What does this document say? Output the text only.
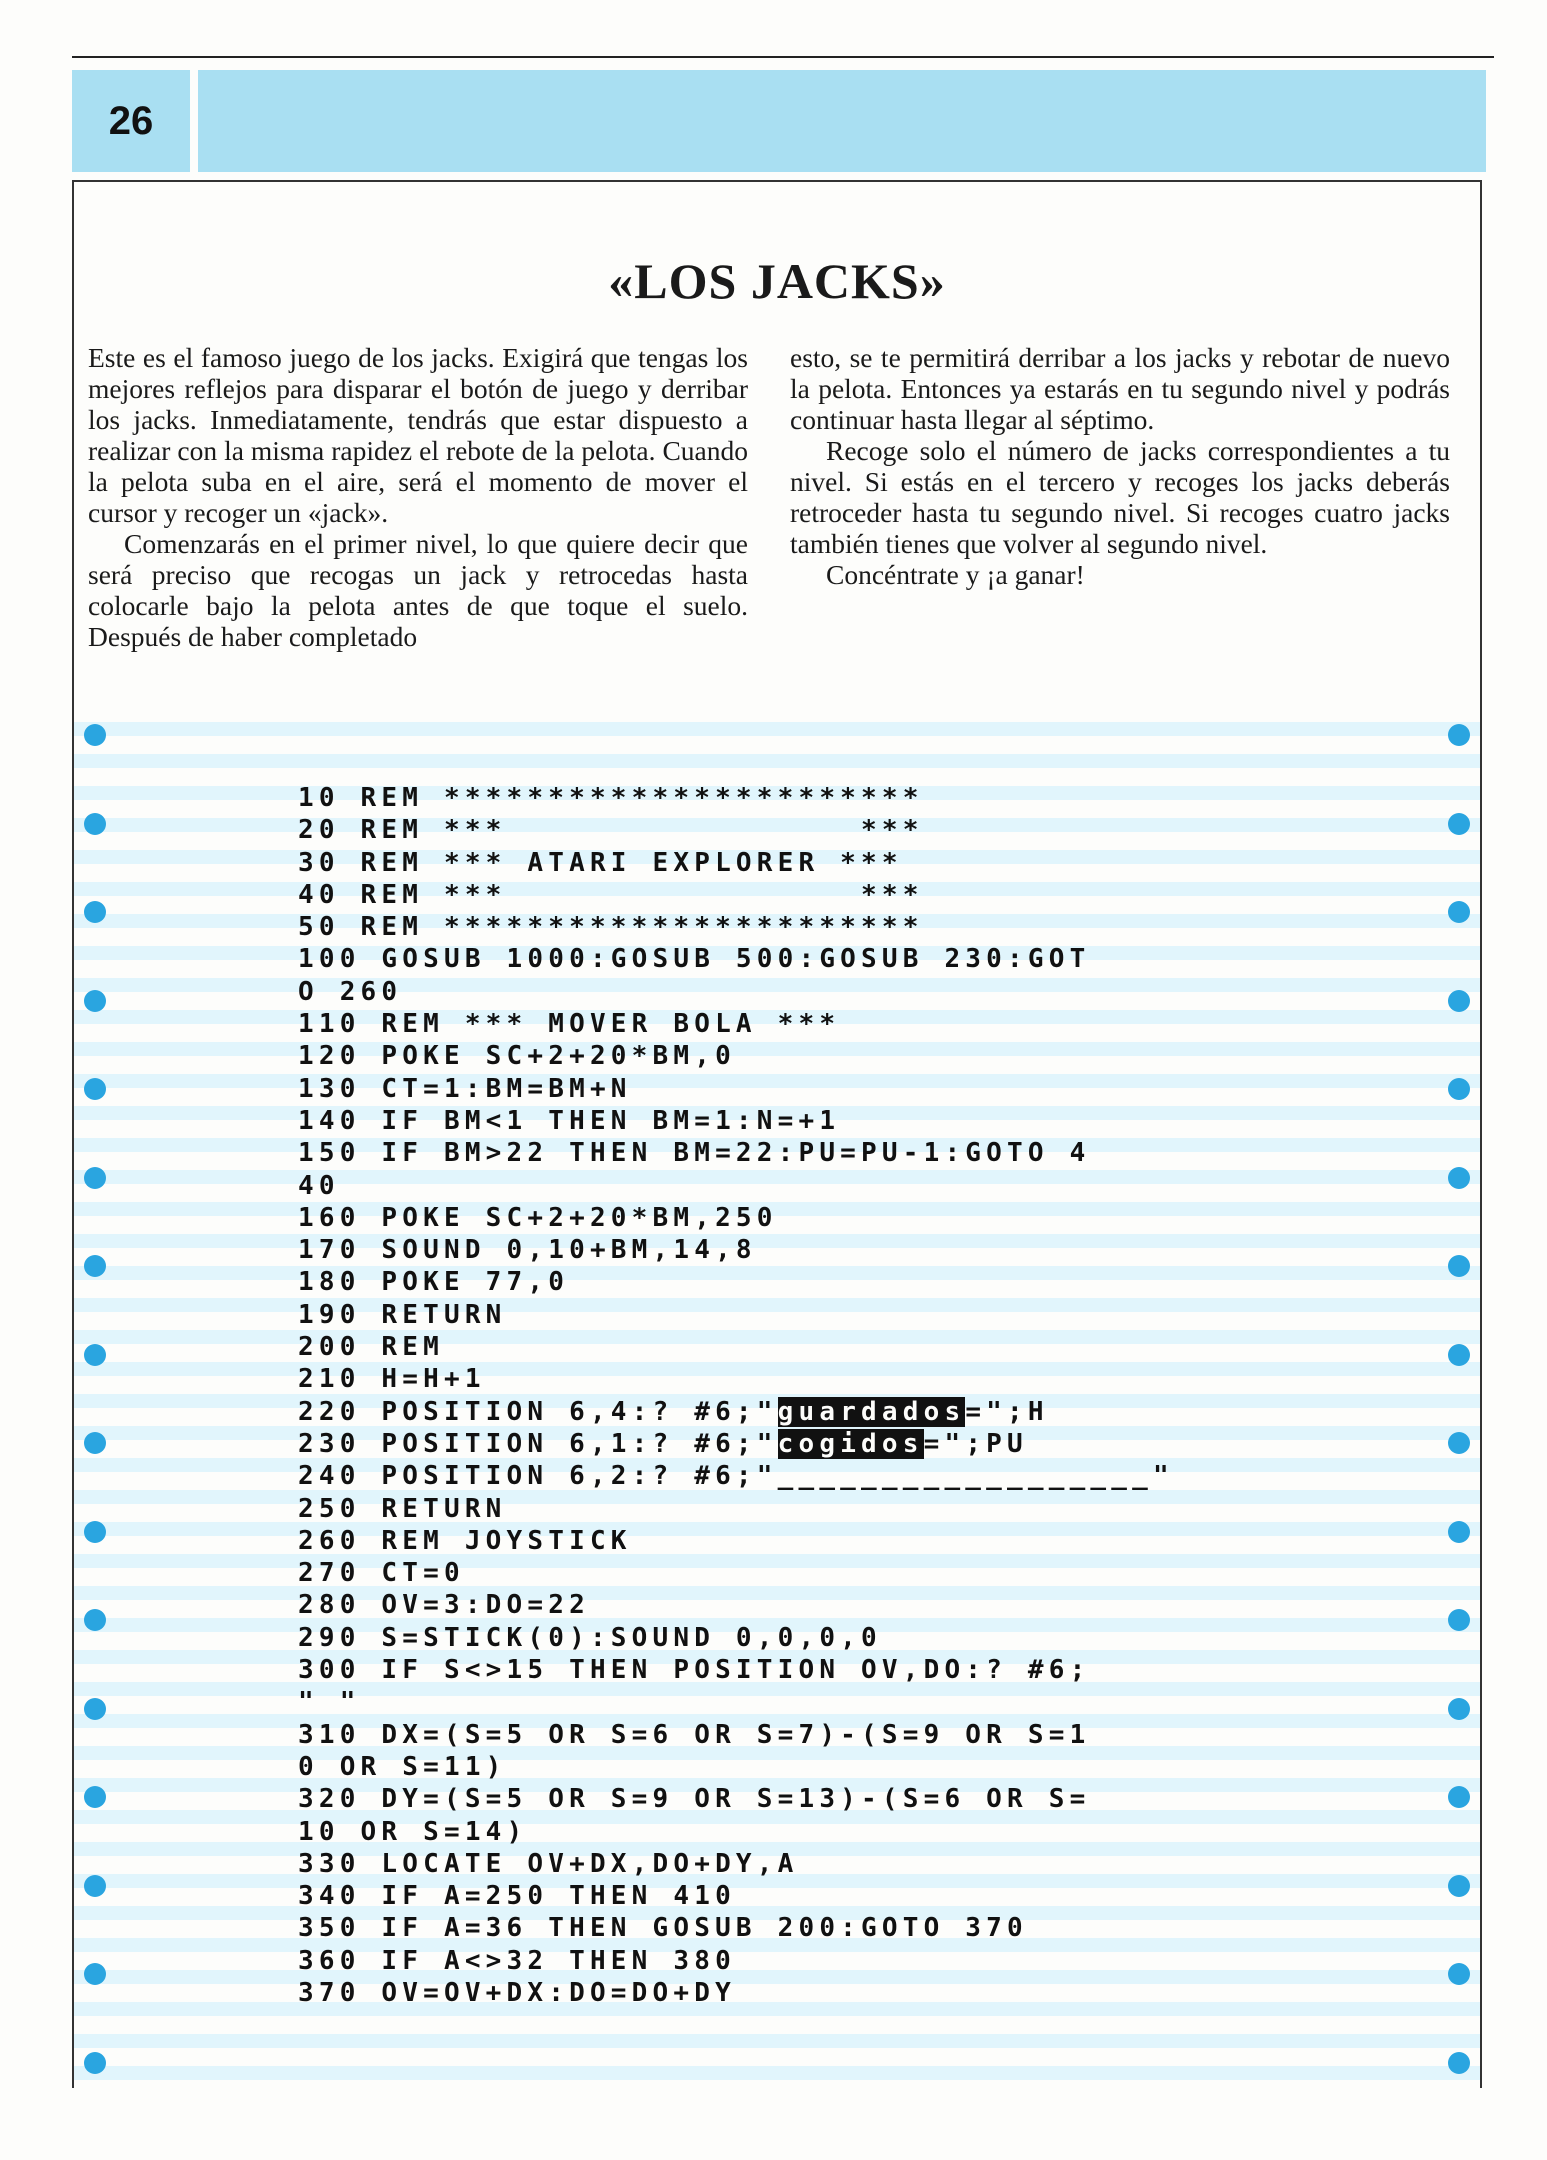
26
«LOS JACKS»

Este es el famoso juego de los jacks. Exigirá que tengas los mejores reflejos para disparar el botón de juego y derribar los jacks. Inmediatamente, tendrás que estar dispuesto a realizar con la misma rapidez el rebote de la pelota. Cuando la pelota suba en el aire, será el momento de mover el cursor y recoger un «jack».

Comenzarás en el primer nivel, lo que quiere decir que será preciso que recogas un jack y retrocedas hasta colocarle bajo la pelota antes de que toque el suelo. Después de haber completado

esto, se te permitirá derribar a los jacks y rebotar de nuevo la pelota. Entonces ya estarás en tu segundo nivel y podrás continuar hasta llegar al séptimo.

Recoge solo el número de jacks correspondientes a tu nivel. Si estás en el tercero y recoges los jacks deberás retroceder hasta tu segundo nivel. Si recoges cuatro jacks también tienes que volver al segundo nivel.

Concéntrate y ¡a ganar!

10 REM ***********************
20 REM ***                 ***
30 REM *** ATARI EXPLORER ***
40 REM ***                 ***
50 REM ***********************
100 GOSUB 1000:GOSUB 500:GOSUB 230:GOT
O 260
110 REM *** MOVER BOLA ***
120 POKE SC+2+20*BM,0
130 CT=1:BM=BM+N
140 IF BM<1 THEN BM=1:N=+1
150 IF BM>22 THEN BM=22:PU=PU-1:GOTO 4
40
160 POKE SC+2+20*BM,250
170 SOUND 0,10+BM,14,8
180 POKE 77,0
190 RETURN
200 REM
210 H=H+1
220 POSITION 6,4:? #6;"guardados=";H
230 POSITION 6,1:? #6;"cogidos=";PU
240 POSITION 6,2:? #6;"__________________"
250 RETURN
260 REM JOYSTICK
270 CT=0
280 OV=3:DO=22
290 S=STICK(0):SOUND 0,0,0,0
300 IF S<>15 THEN POSITION OV,DO:? #6;
" "
310 DX=(S=5 OR S=6 OR S=7)-(S=9 OR S=1
0 OR S=11)
320 DY=(S=5 OR S=9 OR S=13)-(S=6 OR S=
10 OR S=14)
330 LOCATE OV+DX,DO+DY,A
340 IF A=250 THEN 410
350 IF A=36 THEN GOSUB 200:GOTO 370
360 IF A<>32 THEN 380
370 OV=OV+DX:DO=DO+DY
